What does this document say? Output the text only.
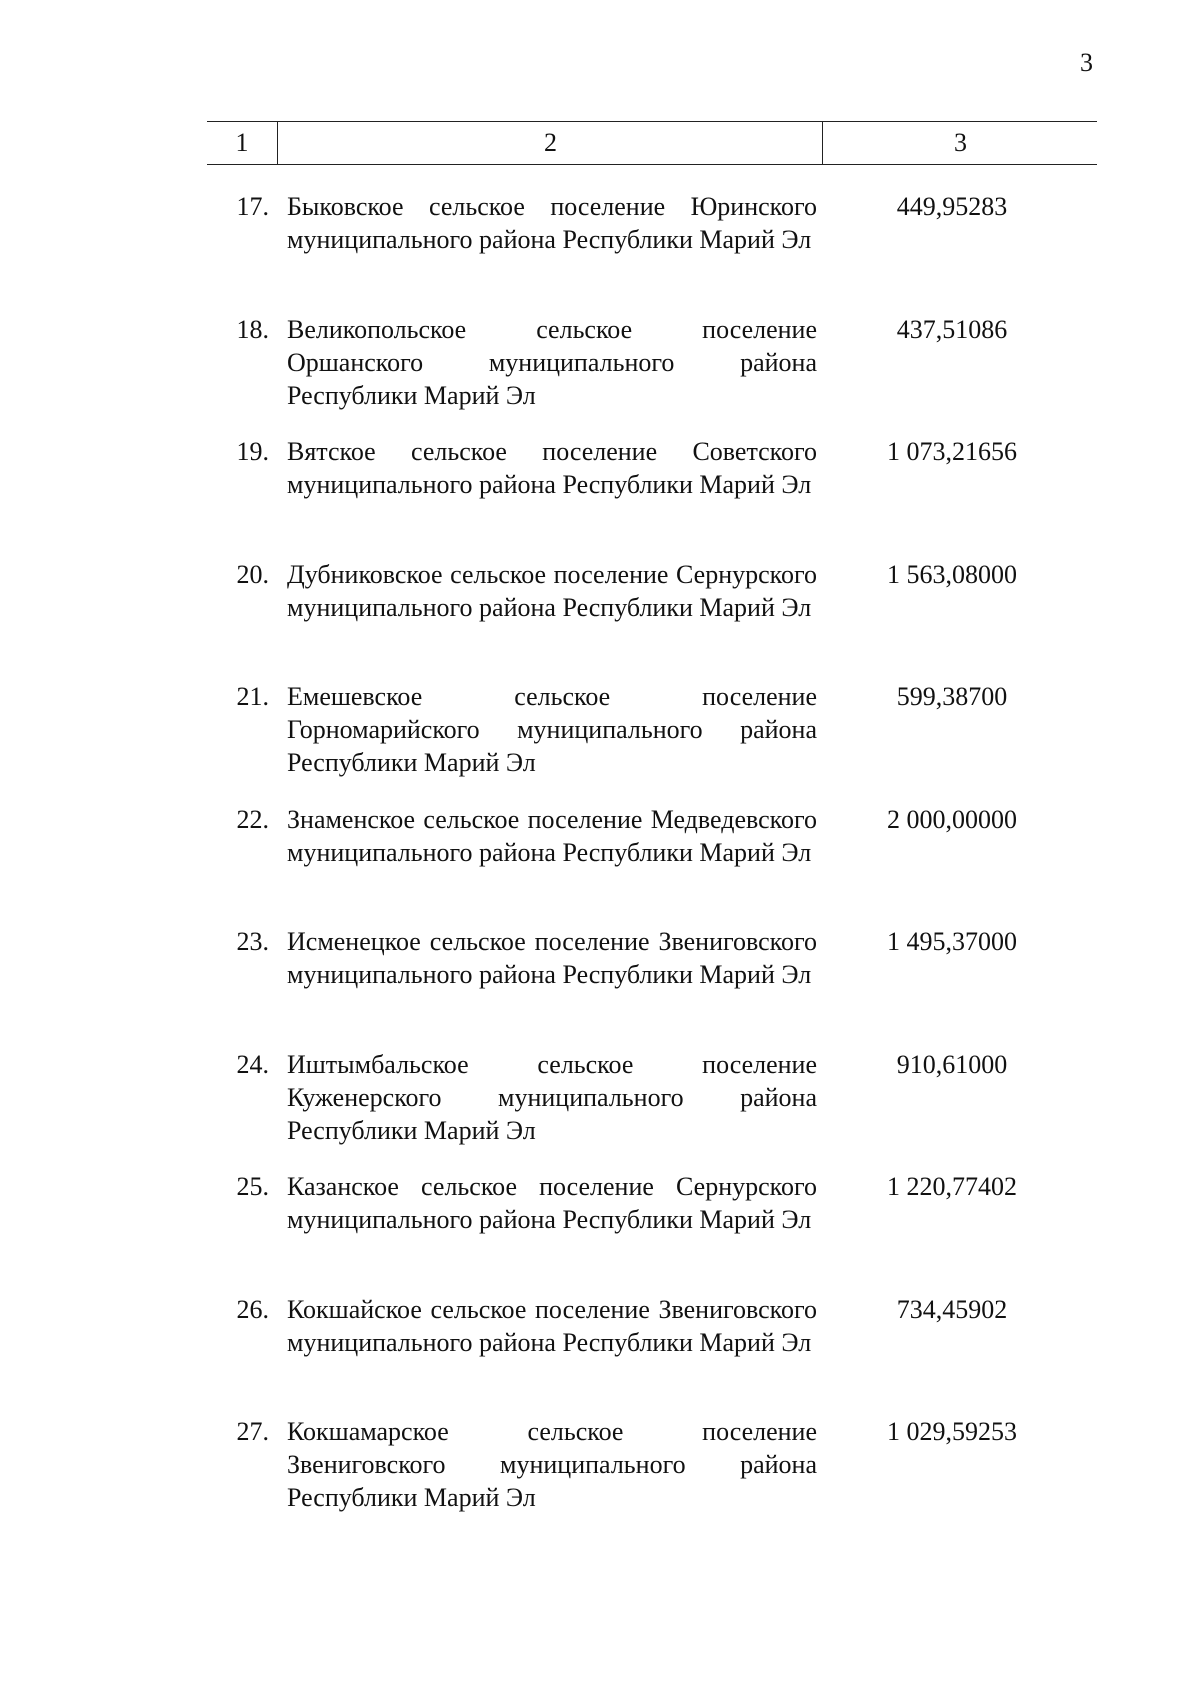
3
1	2	3
17. Быковское сельское поселение Юринского муниципального района Республики Марий Эл
449,95283
18. Великопольское сельское поселение Оршанского муниципального района Республики Марий Эл
437,51086
19. Вятское сельское поселение Советского муниципального района Республики Марий Эл
1 073,21656
20. Дубниковское сельское поселение Сернурского муниципального района Республики Марий Эл
1 563,08000
21. Емешевское сельское поселение Горномарийского муниципального района Республики Марий Эл
599,38700
22. Знаменское сельское поселение Медведевского муниципального района Республики Марий Эл
2 000,00000
23. Исменецкое сельское поселение Звениговского муниципального района Республики Марий Эл
1 495,37000
24. Иштымбальское сельское поселение Куженерского муниципального района Республики Марий Эл
910,61000
25. Казанское сельское поселение Сернурского муниципального района Республики Марий Эл
1 220,77402
26. Кокшайское сельское поселение Звениговского муниципального района Республики Марий Эл
734,45902
27. Кокшамарское сельское поселение Звениговского муниципального района Республики Марий Эл
1 029,59253
